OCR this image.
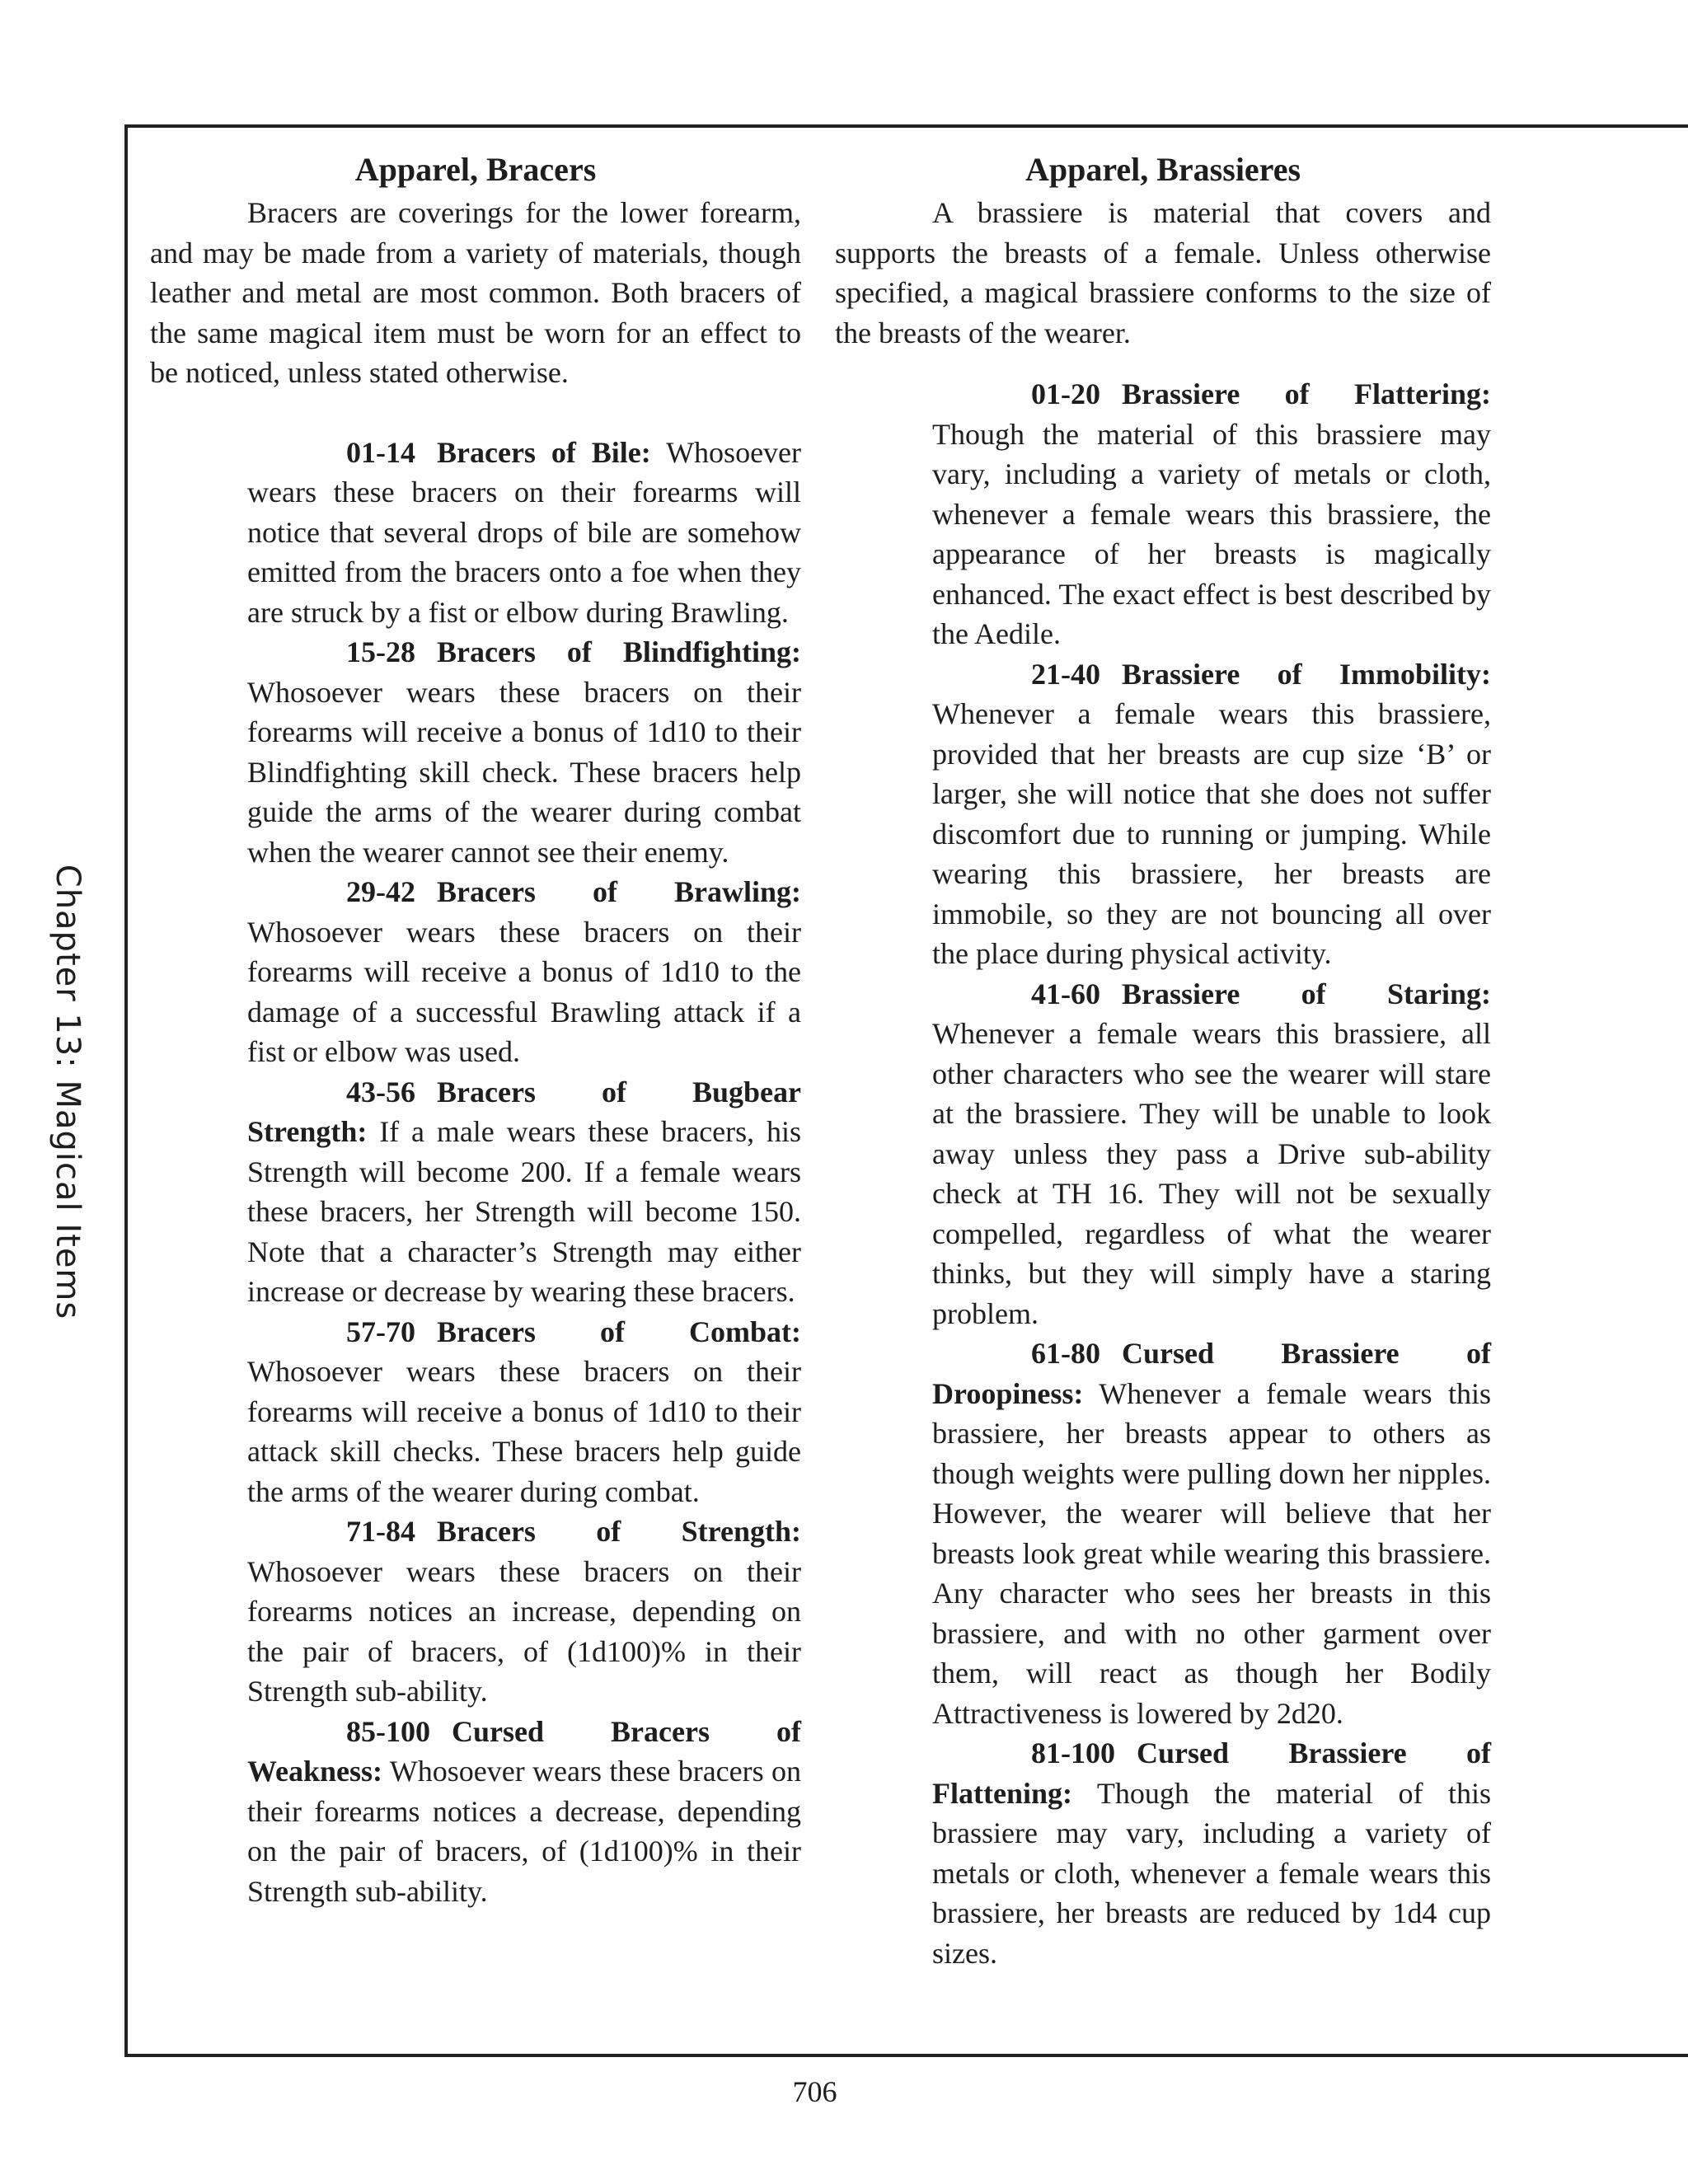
Chapter 13: Magical Items
Apparel, Bracers

Bracers are coverings for the lower forearm, and may be made from a variety of materials, though leather and metal are most common. Both bracers of the same magical item must be worn for an effect to be noticed, unless stated otherwise.

01-14 Bracers of Bile: Whosoever wears these bracers on their forearms will notice that several drops of bile are somehow emitted from the bracers onto a foe when they are struck by a fist or elbow during Brawling.

15-28 Bracers of Blindfighting: Whosoever wears these bracers on their forearms will receive a bonus of 1d10 to their Blindfighting skill check. These bracers help guide the arms of the wearer during combat when the wearer cannot see their enemy.

29-42 Bracers of Brawling: Whosoever wears these bracers on their forearms will receive a bonus of 1d10 to the damage of a successful Brawling attack if a fist or elbow was used.

43-56 Bracers of Bugbear Strength: If a male wears these bracers, his Strength will become 200. If a female wears these bracers, her Strength will become 150. Note that a character’s Strength may either increase or decrease by wearing these bracers.

57-70 Bracers of Combat: Whosoever wears these bracers on their forearms will receive a bonus of 1d10 to their attack skill checks. These bracers help guide the arms of the wearer during combat.

71-84 Bracers of Strength: Whosoever wears these bracers on their forearms notices an increase, depending on the pair of bracers, of (1d100)% in their Strength sub-ability.

85-100 Cursed Bracers of Weakness: Whosoever wears these bracers on their forearms notices a decrease, depending on the pair of bracers, of (1d100)% in their Strength sub-ability.

Apparel, Brassieres

A brassiere is material that covers and supports the breasts of a female. Unless otherwise specified, a magical brassiere conforms to the size of the breasts of the wearer.

01-20 Brassiere of Flattering: Though the material of this brassiere may vary, including a variety of metals or cloth, whenever a female wears this brassiere, the appearance of her breasts is magically enhanced. The exact effect is best described by the Aedile.

21-40 Brassiere of Immobility: Whenever a female wears this brassiere, provided that her breasts are cup size ‘B’ or larger, she will notice that she does not suffer discomfort due to running or jumping. While wearing this brassiere, her breasts are immobile, so they are not bouncing all over the place during physical activity.

41-60 Brassiere of Staring: Whenever a female wears this brassiere, all other characters who see the wearer will stare at the brassiere. They will be unable to look away unless they pass a Drive sub-ability check at TH 16. They will not be sexually compelled, regardless of what the wearer thinks, but they will simply have a staring problem.

61-80 Cursed Brassiere of Droopiness: Whenever a female wears this brassiere, her breasts appear to others as though weights were pulling down her nipples. However, the wearer will believe that her breasts look great while wearing this brassiere. Any character who sees her breasts in this brassiere, and with no other garment over them, will react as though her Bodily Attractiveness is lowered by 2d20.

81-100 Cursed Brassiere of Flattening: Though the material of this brassiere may vary, including a variety of metals or cloth, whenever a female wears this brassiere, her breasts are reduced by 1d4 cup sizes.

706
